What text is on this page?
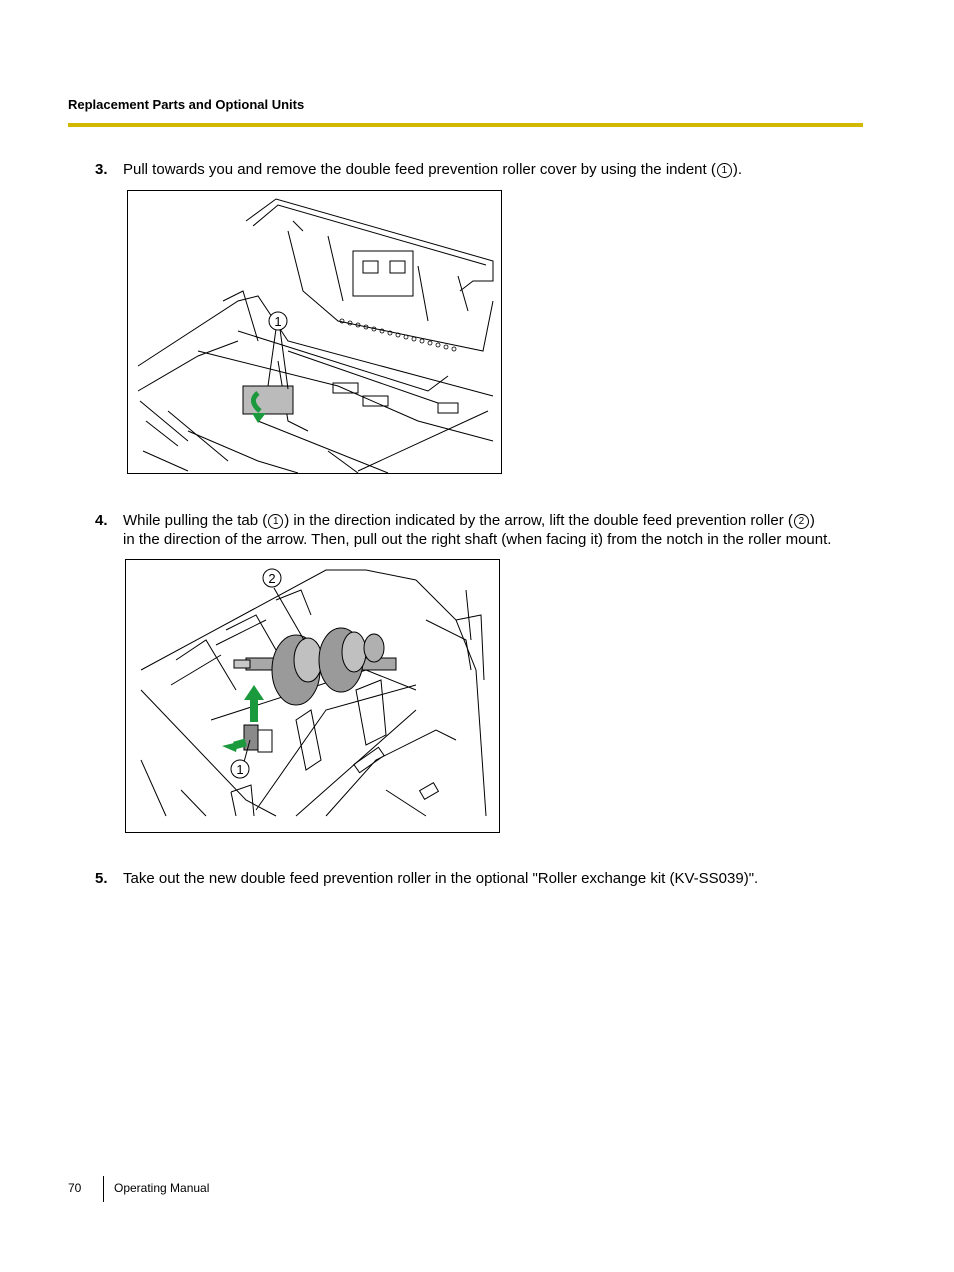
Replacement Parts and Optional Units
3. Pull towards you and remove the double feed prevention roller cover by using the indent ( 1 ).
1
4. While pulling the tab ( 1 ) in the direction indicated by the arrow, lift the double feed prevention roller ( 2 )
in the direction of the arrow. Then, pull out the right shaft (when facing it) from the notch in the roller mount.
2
1
5. Take out the new double feed prevention roller in the optional "Roller exchange kit (KV-SS039)".
70	Operating Manual
